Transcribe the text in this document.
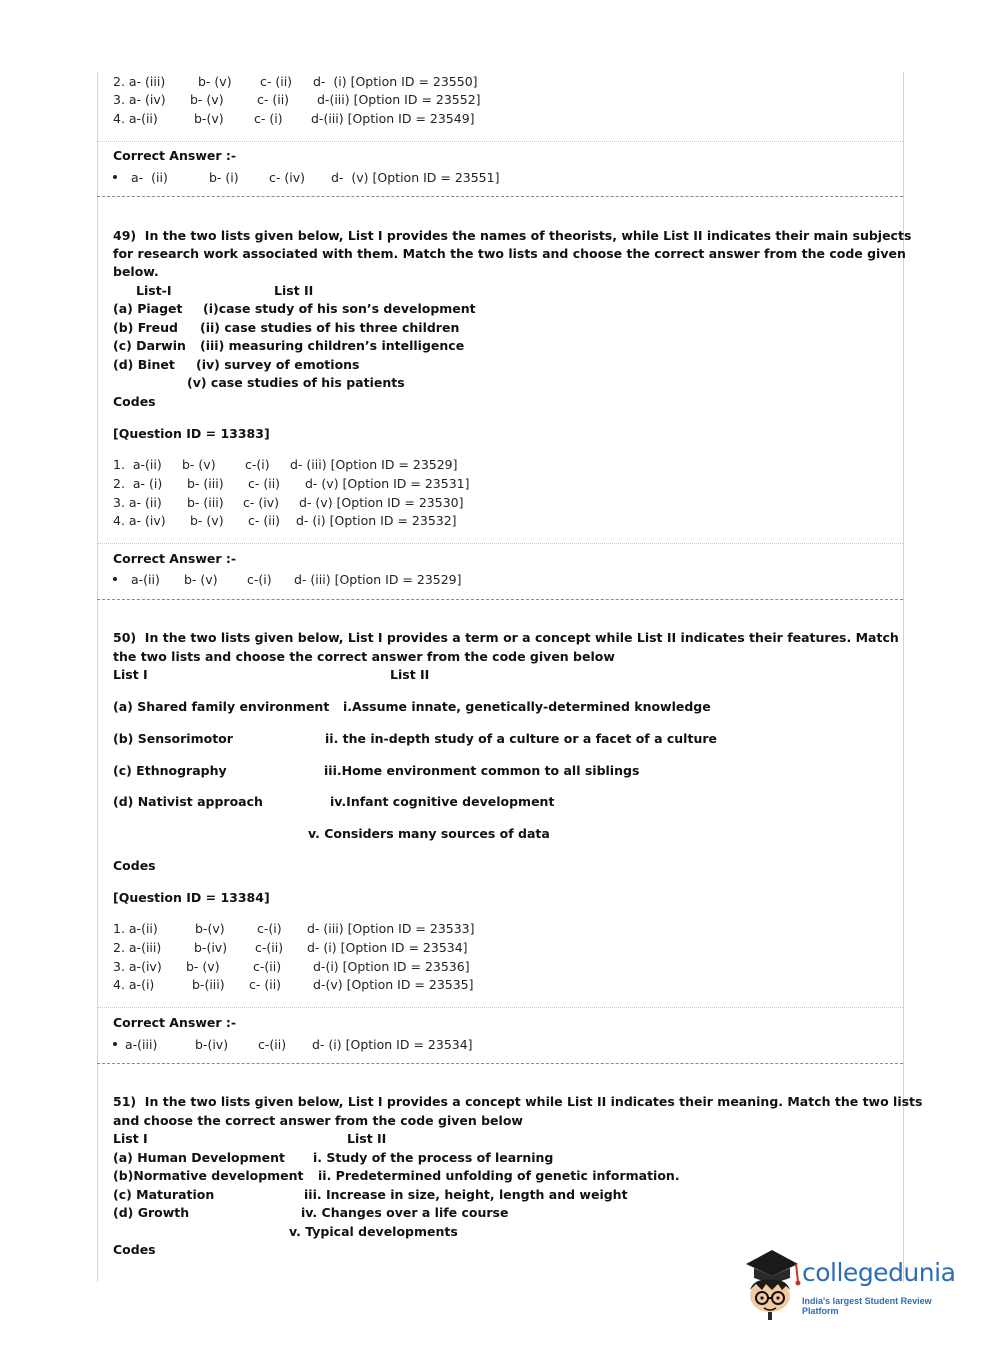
2. a- (iii)	b- (v) c- (ii) d-  (i) [Option ID = 23550]
3. a- (iv) b- (v)	c- (ii) d-(iii) [Option ID = 23552]
4. a-(ii)	b-(v) c- (i) d-(iii) [Option ID = 23549]
Correct Answer :-
a-  (ii)	b- (i) c- (iv) d-  (v) [Option ID = 23551]
49)  In the two lists given below, List I provides the names of theorists, while List II indicates their main subjects
for research work associated with them. Match the two lists and choose the correct answer from the code given
below.
List-I	List II
(a) Piaget (i)case study of his son’s development
(b) Freud (ii) case studies of his three children
(c) Darwin (iii) measuring children’s intelligence
(d) Binet (iv) survey of emotions
(v) case studies of his patients
Codes
[Question ID = 13383]
1.  a-(ii) b- (v) c-(i) d- (iii) [Option ID = 23529]
2.  a- (i) b- (iii) c- (ii) d- (v) [Option ID = 23531]
3. a- (ii) b- (iii) c- (iv) d- (v) [Option ID = 23530]
4. a- (iv) b- (v) c- (ii) d- (i) [Option ID = 23532]
Correct Answer :-
a-(ii) b- (v) c-(i) d- (iii) [Option ID = 23529]
50)  In the two lists given below, List I provides a term or a concept while List II indicates their features. Match
the two lists and choose the correct answer from the code given below
List I	List II
(a) Shared family environment i.Assume innate, genetically-determined knowledge
(b) Sensorimotor	ii. the in-depth study of a culture or a facet of a culture
(c) Ethnography	iii.Home environment common to all siblings
(d) Nativist approach	iv.Infant cognitive development
v. Considers many sources of data
Codes
[Question ID = 13384]
1. a-(ii)	b-(v)	c-(i) d- (iii) [Option ID = 23533]
2. a-(iii)	b-(iv) c-(ii) d- (i) [Option ID = 23534]
3. a-(iv) b- (v)	c-(ii)	d-(i) [Option ID = 23536]
4. a-(i)	b-(iii) c- (ii)	d-(v) [Option ID = 23535]
Correct Answer :-
a-(iii)	b-(iv) c-(ii) d- (i) [Option ID = 23534]
51)  In the two lists given below, List I provides a concept while List II indicates their meaning. Match the two lists
and choose the correct answer from the code given below
List I	List II
(a) Human Development i. Study of the process of learning
(b)Normative development ii. Predetermined unfolding of genetic information.
(c) Maturation	iii. Increase in size, height, length and weight
(d) Growth	iv. Changes over a life course
v. Typical developments
Codes
collegedunia
India's largest Student Review Platform
